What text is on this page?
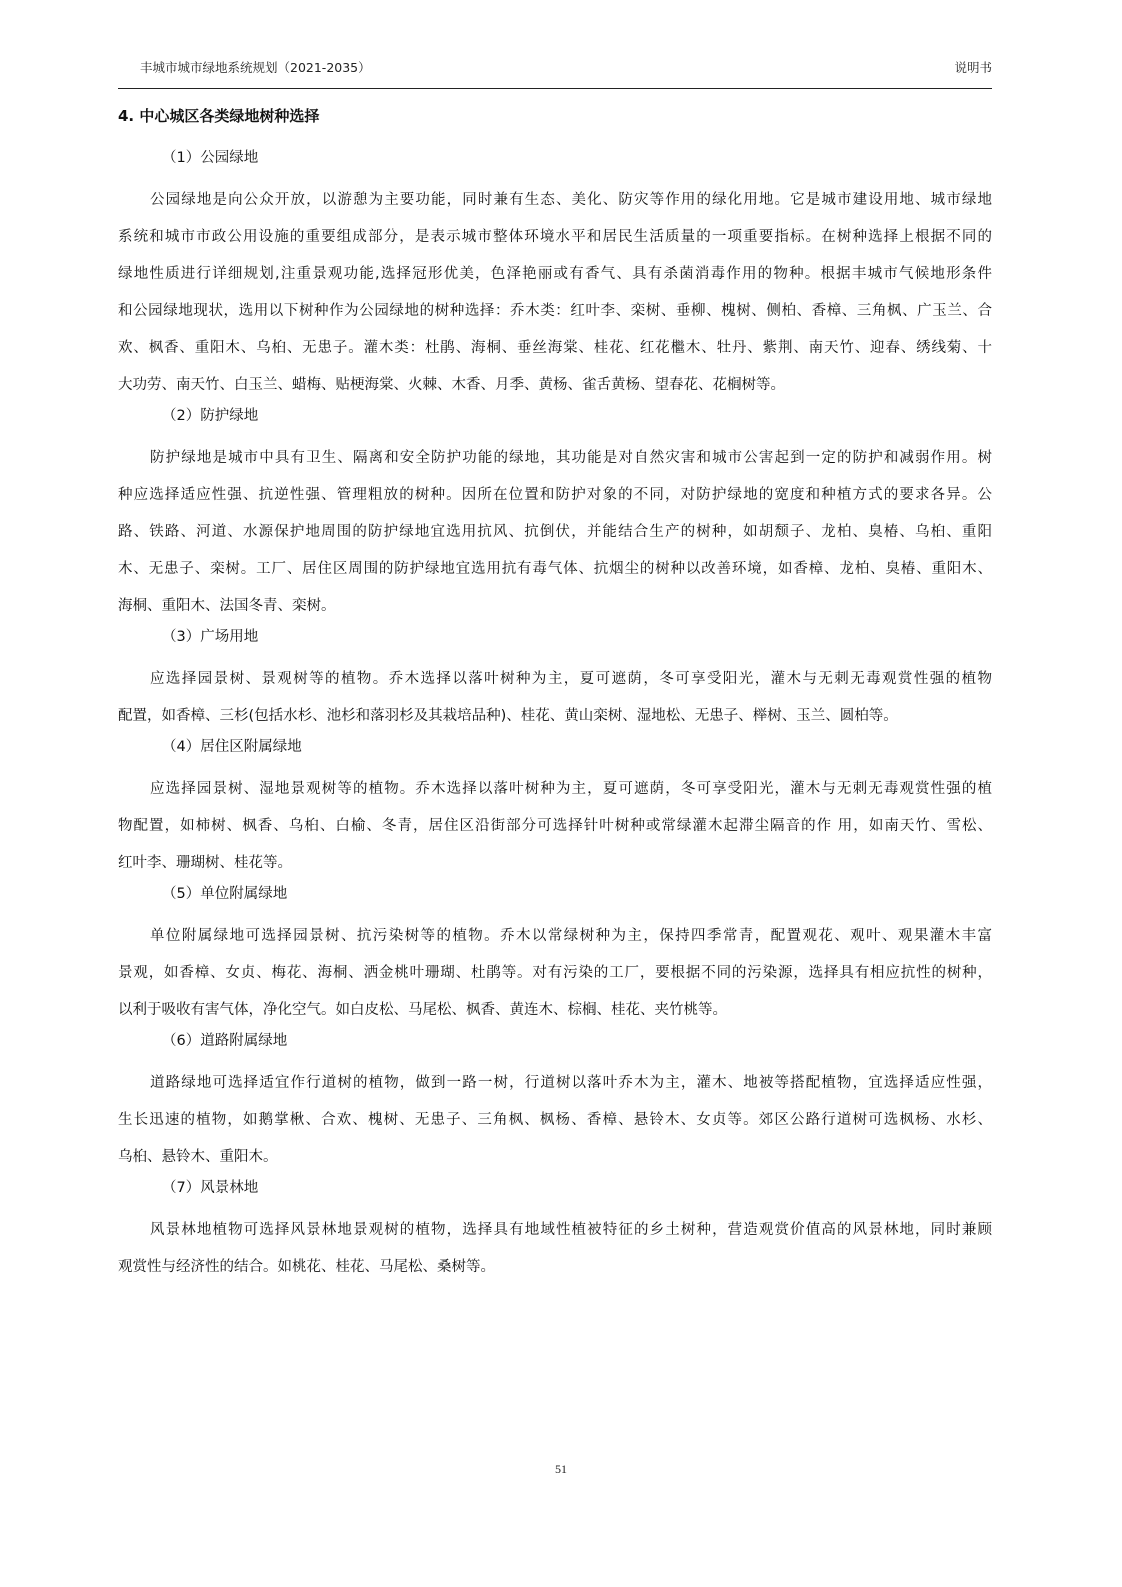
丰城市城市绿地系统规划（2021-2035）	说明书
4. 中心城区各类绿地树种选择
（1）公园绿地
公园绿地是向公众开放，以游憩为主要功能，同时兼有生态、美化、防灾等作用的绿化用地。它是城市建设用地、城市绿地
系统和城市市政公用设施的重要组成部分，是表示城市整体环境水平和居民生活质量的一项重要指标。在树种选择上根据不同的
绿地性质进行详细规划,注重景观功能,选择冠形优美，色泽艳丽或有香气、具有杀菌消毒作用的物种。根据丰城市气候地形条件
和公园绿地现状，选用以下树种作为公园绿地的树种选择：乔木类：红叶李、栾树、垂柳、槐树、侧柏、香樟、三角枫、广玉兰、合
欢、枫香、重阳木、乌桕、无患子。灌木类：杜鹃、海桐、垂丝海棠、桂花、红花檵木、牡丹、紫荆、南天竹、迎春、绣线菊、十
大功劳、南天竹、白玉兰、蜡梅、贴梗海棠、火棘、木香、月季、黄杨、雀舌黄杨、望春花、花榈树等。
（2）防护绿地
防护绿地是城市中具有卫生、隔离和安全防护功能的绿地，其功能是对自然灾害和城市公害起到一定的防护和减弱作用。树
种应选择适应性强、抗逆性强、管理粗放的树种。因所在位置和防护对象的不同，对防护绿地的宽度和种植方式的要求各异。公
路、铁路、河道、水源保护地周围的防护绿地宜选用抗风、抗倒伏，并能结合生产的树种，如胡颓子、龙柏、臭椿、乌桕、重阳
木、无患子、栾树。工厂、居住区周围的防护绿地宜选用抗有毒气体、抗烟尘的树种以改善环境，如香樟、龙柏、臭椿、重阳木、
海桐、重阳木、法国冬青、栾树。
（3）广场用地
应选择园景树、景观树等的植物。乔木选择以落叶树种为主，夏可遮荫，冬可享受阳光，灌木与无刺无毒观赏性强的植物
配置，如香樟、三杉(包括水杉、池杉和落羽杉及其栽培品种)、桂花、黄山栾树、湿地松、无患子、榉树、玉兰、圆柏等。
（4）居住区附属绿地
应选择园景树、湿地景观树等的植物。乔木选择以落叶树种为主，夏可遮荫，冬可享受阳光，灌木与无刺无毒观赏性强的植
物配置，如柿树、枫香、乌桕、白榆、冬青，居住区沿街部分可选择针叶树种或常绿灌木起滞尘隔音的作 用，如南天竹、雪松、
红叶李、珊瑚树、桂花等。
（5）单位附属绿地
单位附属绿地可选择园景树、抗污染树等的植物。乔木以常绿树种为主，保持四季常青，配置观花、观叶、观果灌木丰富
景观，如香樟、女贞、梅花、海桐、洒金桃叶珊瑚、杜鹃等。对有污染的工厂，要根据不同的污染源，选择具有相应抗性的树种，
以利于吸收有害气体，净化空气。如白皮松、马尾松、枫香、黄连木、棕榈、桂花、夹竹桃等。
（6）道路附属绿地
道路绿地可选择适宜作行道树的植物，做到一路一树，行道树以落叶乔木为主，灌木、地被等搭配植物，宜选择适应性强，
生长迅速的植物，如鹅掌楸、合欢、槐树、无患子、三角枫、枫杨、香樟、悬铃木、女贞等。郊区公路行道树可选枫杨、水杉、
乌桕、悬铃木、重阳木。
（7）风景林地
风景林地植物可选择风景林地景观树的植物，选择具有地域性植被特征的乡土树种，营造观赏价值高的风景林地，同时兼顾
观赏性与经济性的结合。如桃花、桂花、马尾松、桑树等。
51
